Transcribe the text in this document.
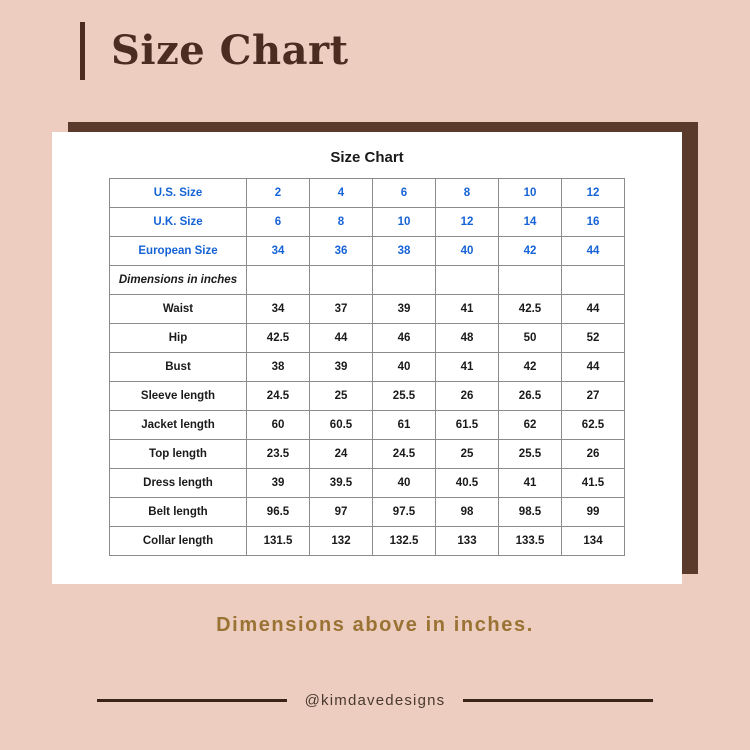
Size Chart
Size Chart
U.S. Size	2	4	6	8	10	12
U.K. Size	6	8	10	12	14	16
European Size	34	36	38	40	42	44
Dimensions in inches						
Waist	34	37	39	41	42.5	44
Hip	42.5	44	46	48	50	52
Bust	38	39	40	41	42	44
Sleeve length	24.5	25	25.5	26	26.5	27
Jacket length	60	60.5	61	61.5	62	62.5
Top length	23.5	24	24.5	25	25.5	26
Dress length	39	39.5	40	40.5	41	41.5
Belt length	96.5	97	97.5	98	98.5	99
Collar length	131.5	132	132.5	133	133.5	134
Dimensions above in inches.
@kimdavedesigns
